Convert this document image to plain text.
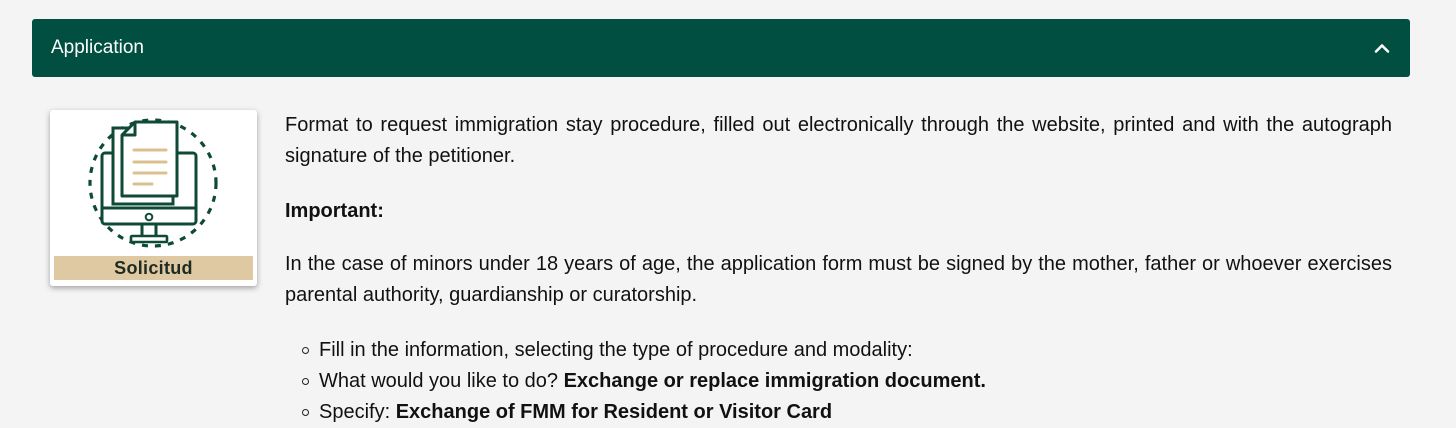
Application
Solicitud

Format to request immigration stay procedure, filled out electronically through the website, printed and with the autograph signature of the petitioner.

Important:

In the case of minors under 18 years of age, the application form must be signed by the mother, father or whoever exercises parental authority, guardianship or curatorship.

Fill in the information, selecting the type of procedure and modality:
What would you like to do? Exchange or replace immigration document.
Specify: Exchange of FMM for Resident or Visitor Card
